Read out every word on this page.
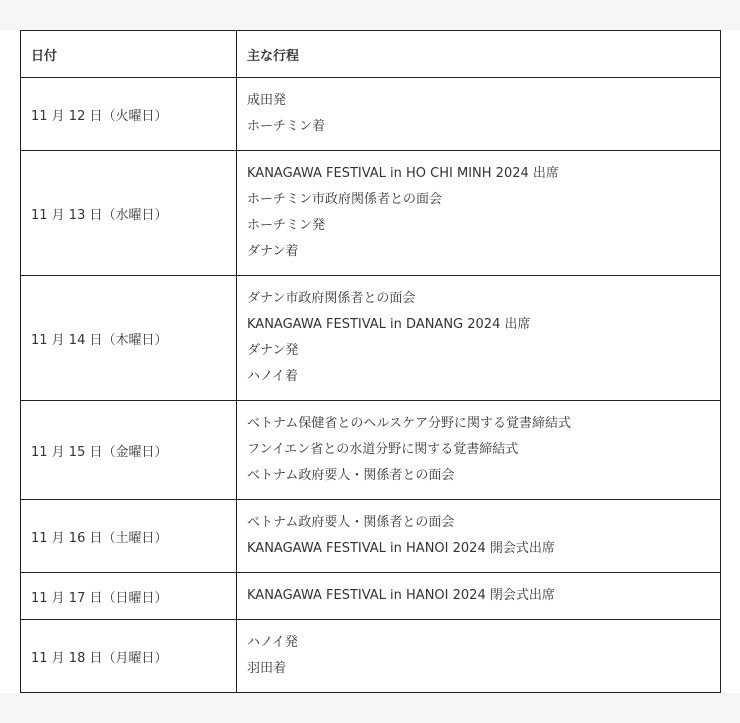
日付	主な行程
11 月 12 日（火曜日）	成田発
ホーチミン着

11 月 13 日（水曜日）	KANAGAWA FESTIVAL in HO CHI MINH 2024 出席
ホーチミン市政府関係者との面会
ホーチミン発
ダナン着

11 月 14 日（木曜日）	ダナン市政府関係者との面会
KANAGAWA FESTIVAL in DANANG 2024 出席
ダナン発
ハノイ着

11 月 15 日（金曜日）	ベトナム保健省とのヘルスケア分野に関する覚書締結式
フンイエン省との水道分野に関する覚書締結式
ベトナム政府要人・関係者との面会

11 月 16 日（土曜日）	ベトナム政府要人・関係者との面会
KANAGAWA FESTIVAL in HANOI 2024 開会式出席

11 月 17 日（日曜日）	KANAGAWA FESTIVAL in HANOI 2024 閉会式出席

11 月 18 日（月曜日）	ハノイ発
羽田着
